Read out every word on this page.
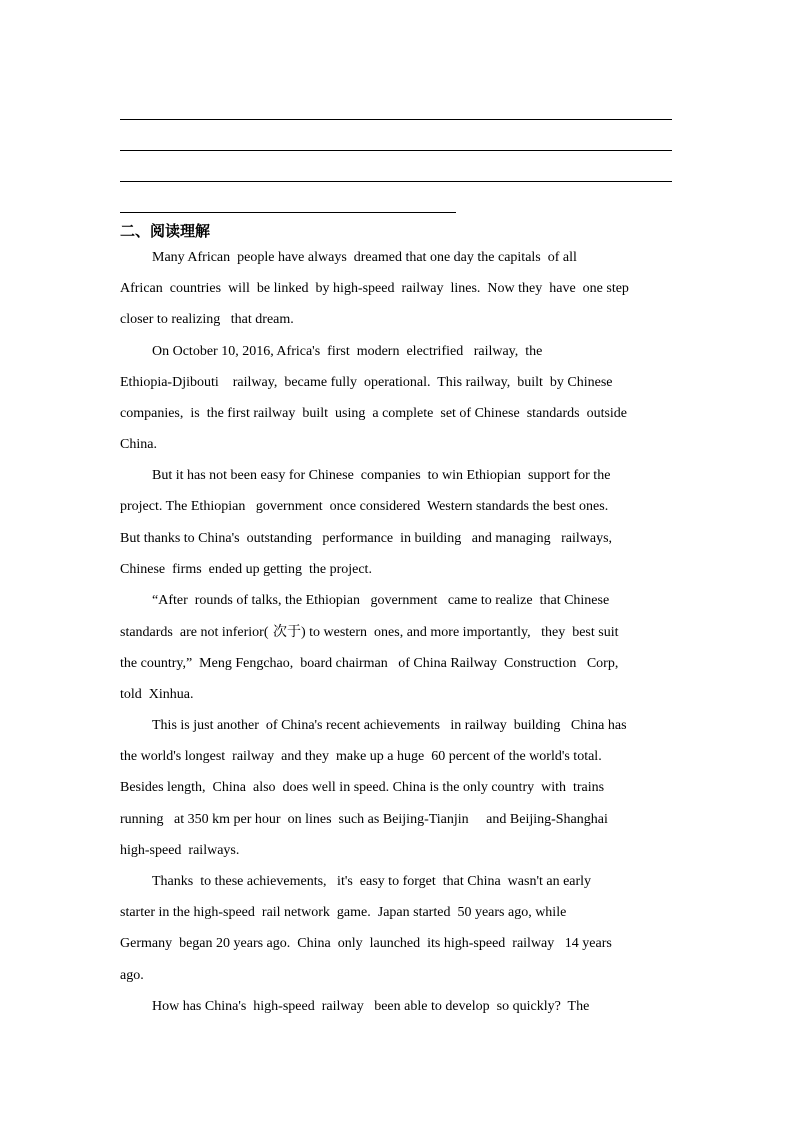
二、阅读理解
Many African  people have always  dreamed that one day the capitals  of all
African  countries  will  be linked  by high-speed  railway  lines.  Now they  have  one step
closer to realizing   that dream.
On October 10, 2016, Africa's  first  modern  electrified   railway,  the
Ethiopia-Djibouti    railway,  became fully  operational.  This railway,  built  by Chinese
companies,  is  the first railway  built  using  a complete  set of Chinese  standards  outside
China.
But it has not been easy for Chinese  companies  to win Ethiopian  support for the
project. The Ethiopian   government  once considered  Western standards the best ones.
But thanks to China's  outstanding   performance  in building   and managing   railways,
Chinese  firms  ended up getting  the project.
“After  rounds of talks, the Ethiopian   government   came to realize  that Chinese
standards  are not inferior( 次于) to western  ones, and more importantly,   they  best suit
the country,”  Meng Fengchao,  board chairman   of China Railway  Construction   Corp,
told  Xinhua.
This is just another  of China's recent achievements   in railway  building   China has
the world's longest  railway  and they  make up a huge  60 percent of the world's total.
Besides length,  China  also  does well in speed. China is the only country  with  trains
running   at 350 km per hour  on lines  such as Beijing-Tianjin     and Beijing-Shanghai
high-speed  railways.
Thanks  to these achievements,   it's  easy to forget  that China  wasn't an early
starter in the high-speed  rail network  game.  Japan started  50 years ago, while
Germany  began 20 years ago.  China  only  launched  its high-speed  railway   14 years
ago.
How has China's  high-speed  railway   been able to develop  so quickly?  The
